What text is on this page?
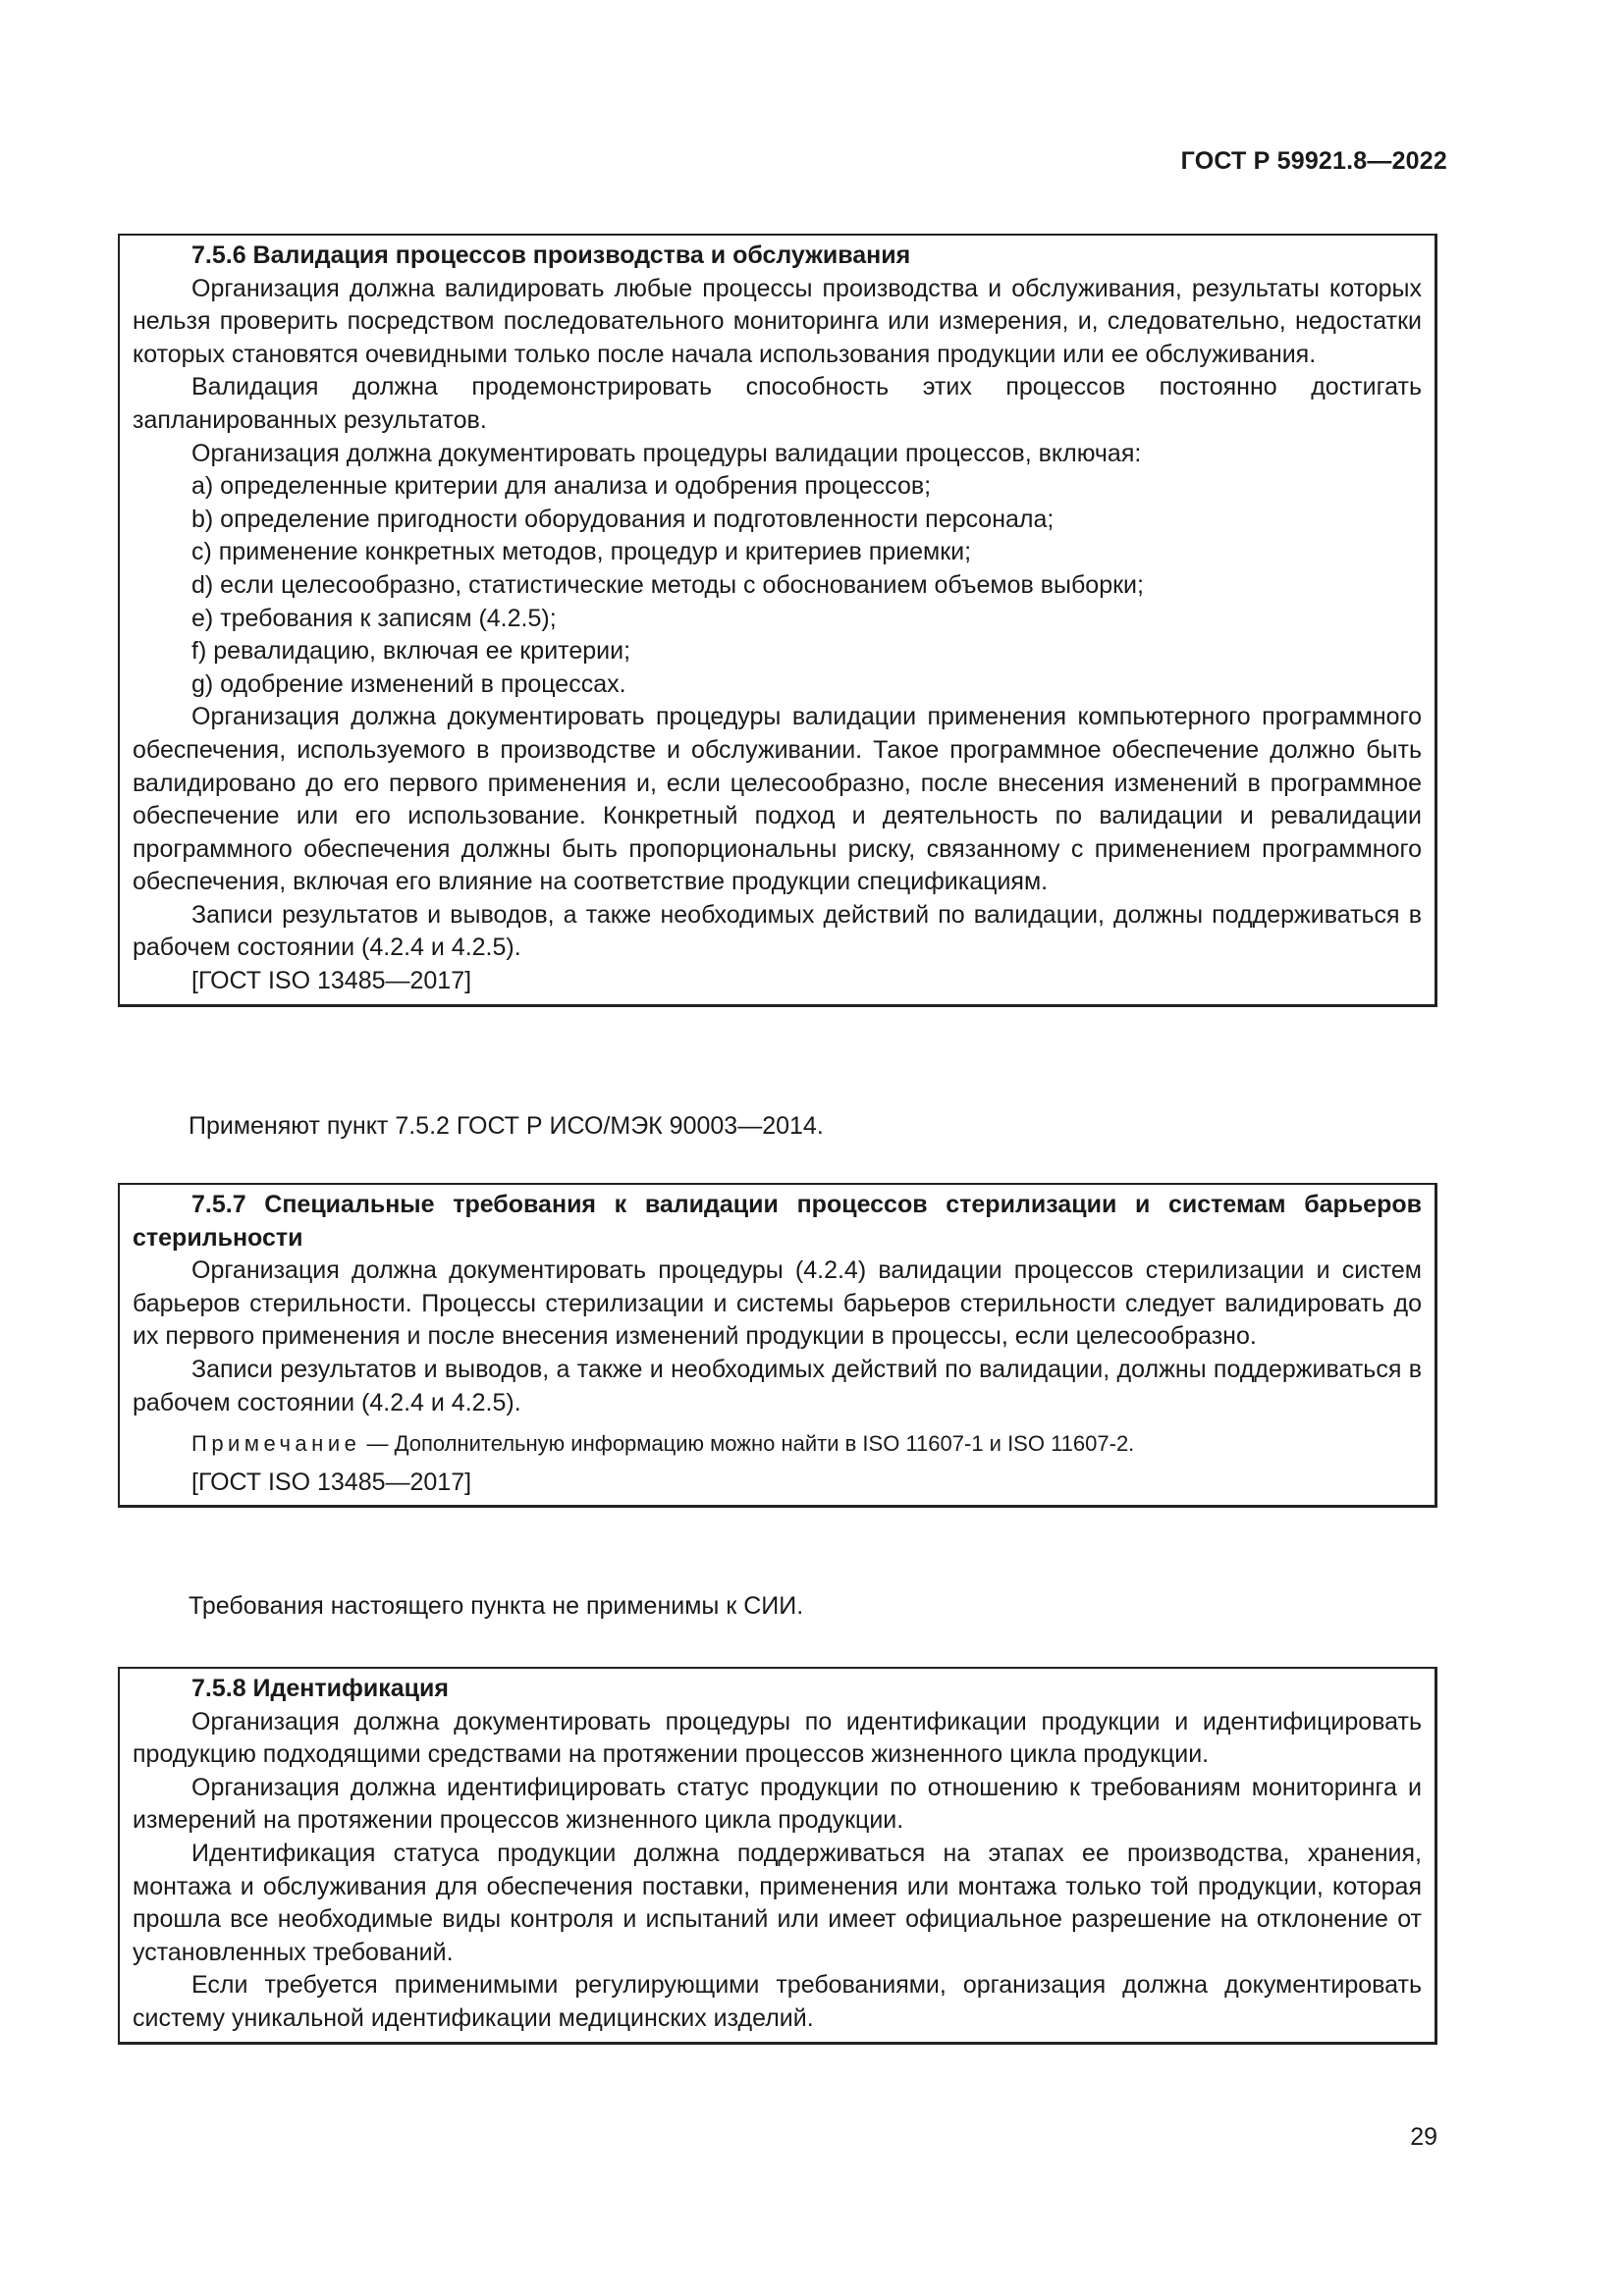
ГОСТ Р 59921.8—2022

7.5.6 Валидация процессов производства и обслуживания

Организация должна валидировать любые процессы производства и обслуживания, результаты которых нельзя проверить посредством последовательного мониторинга или измерения, и, следовательно, недостатки которых становятся очевидными только после начала использования продукции или ее обслуживания.

Валидация должна продемонстрировать способность этих процессов постоянно достигать запланированных результатов.

Организация должна документировать процедуры валидации процессов, включая:

a) определенные критерии для анализа и одобрения процессов;

b) определение пригодности оборудования и подготовленности персонала;

c) применение конкретных методов, процедур и критериев приемки;

d) если целесообразно, статистические методы с обоснованием объемов выборки;

e) требования к записям (4.2.5);

f) ревалидацию, включая ее критерии;

g) одобрение изменений в процессах.

Организация должна документировать процедуры валидации применения компьютерного программного обеспечения, используемого в производстве и обслуживании. Такое программное обеспечение должно быть валидировано до его первого применения и, если целесообразно, после внесения изменений в программное обеспечение или его использование. Конкретный подход и деятельность по валидации и ревалидации программного обеспечения должны быть пропорциональны риску, связанному с применением программного обеспечения, включая его влияние на соответствие продукции спецификациям.

Записи результатов и выводов, а также необходимых действий по валидации, должны поддерживаться в рабочем состоянии (4.2.4 и 4.2.5).

[ГОСТ ISO 13485—2017]

Применяют пункт 7.5.2 ГОСТ Р ИСО/МЭК 90003—2014.

7.5.7 Специальные требования к валидации процессов стерилизации и системам барьеров стерильности

Организация должна документировать процедуры (4.2.4) валидации процессов стерилизации и систем барьеров стерильности. Процессы стерилизации и системы барьеров стерильности следует валидировать до их первого применения и после внесения изменений продукции в процессы, если целесообразно.

Записи результатов и выводов, а также и необходимых действий по валидации, должны поддерживаться в рабочем состоянии (4.2.4 и 4.2.5).

Примечание — Дополнительную информацию можно найти в ISO 11607-1 и ISO 11607-2.

[ГОСТ ISO 13485—2017]

Требования настоящего пункта не применимы к СИИ.

7.5.8 Идентификация

Организация должна документировать процедуры по идентификации продукции и идентифицировать продукцию подходящими средствами на протяжении процессов жизненного цикла продукции.

Организация должна идентифицировать статус продукции по отношению к требованиям мониторинга и измерений на протяжении процессов жизненного цикла продукции.

Идентификация статуса продукции должна поддерживаться на этапах ее производства, хранения, монтажа и обслуживания для обеспечения поставки, применения или монтажа только той продукции, которая прошла все необходимые виды контроля и испытаний или имеет официальное разрешение на отклонение от установленных требований.

Если требуется применимыми регулирующими требованиями, организация должна документировать систему уникальной идентификации медицинских изделий.

29
